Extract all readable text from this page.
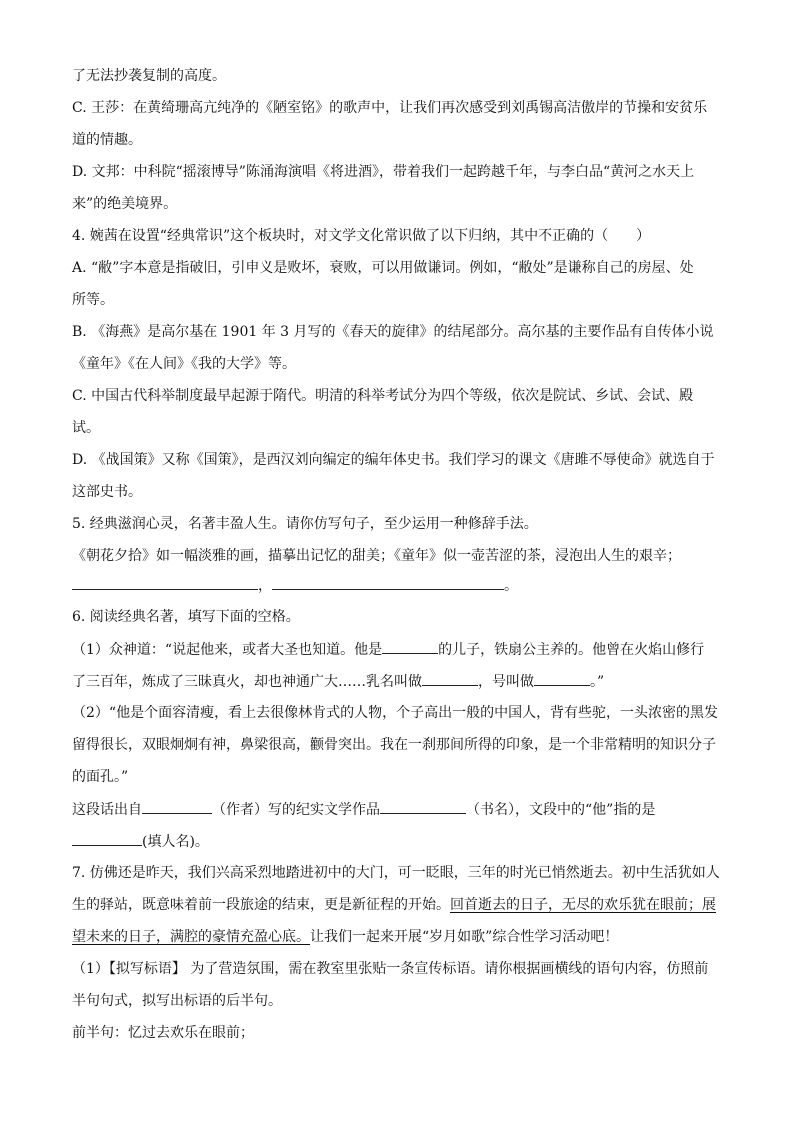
了无法抄袭复制的高度。
C. 王莎：在黄绮珊高亢纯净的《陋室铭》的歌声中，让我们再次感受到刘禹锡高洁傲岸的节操和安贫乐
道的情趣。
D. 文邦：中科院“摇滚博导”陈涌海演唱《将进酒》，带着我们一起跨越千年，与李白品“黄河之水天上
来”的绝美境界。
4. 婉茜在设置“经典常识”这个板块时，对文学文化常识做了以下归纳，其中不正确的（　　）
A. “敝”字本意是指破旧，引申义是败坏，衰败，可以用做谦词。例如，“敝处”是谦称自己的房屋、处
所等。
B. 《海燕》是高尔基在 1901 年 3 月写的《春天的旋律》的结尾部分。高尔基的主要作品有自传体小说
《童年》《在人间》《我的大学》等。
C. 中国古代科举制度最早起源于隋代。明清的科举考试分为四个等级，依次是院试、乡试、会试、殿
试。
D. 《战国策》又称《国策》，是西汉刘向编定的编年体史书。我们学习的课文《唐雎不辱使命》就选自于
这部史书。
5. 经典滋润心灵，名著丰盈人生。请你仿写句子，至少运用一种修辞手法。
《朝花夕拾》如一幅淡雅的画，描摹出记忆的甜美；《童年》似一壶苦涩的茶，浸泡出人生的艰辛；
，	。
6. 阅读经典名著，填写下面的空格。
（1）众神道：“说起他来，或者大圣也知道。他是	的儿子，铁扇公主养的。他曾在火焰山修行
了三百年，炼成了三昧真火，却也神通广大……乳名叫做	，号叫做	。”
（2）“他是个面容清瘦，看上去很像林肯式的人物，个子高出一般的中国人，背有些驼，一头浓密的黑发
留得很长，双眼炯炯有神，鼻梁很高，颧骨突出。我在一刹那间所得的印象，是一个非常精明的知识分子
的面孔。”
这段话出自	（作者）写的纪实文学作品	（书名），文段中的“他”指的是
(填人名)。
7. 仿佛还是昨天，我们兴高采烈地踏进初中的大门，可一眨眼，三年的时光已悄然逝去。初中生活犹如人
生的驿站，既意味着前一段旅途的结束，更是新征程的开始。回首逝去的日子，无尽的欢乐犹在眼前；展
望未来的日子，满腔的豪情充盈心底。让我们一起来开展“岁月如歌”综合性学习活动吧！
（1）【拟写标语】 为了营造氛围，需在教室里张贴一条宣传标语。请你根据画横线的语句内容，仿照前
半句句式，拟写出标语的后半句。
前半句：忆过去欢乐在眼前；
